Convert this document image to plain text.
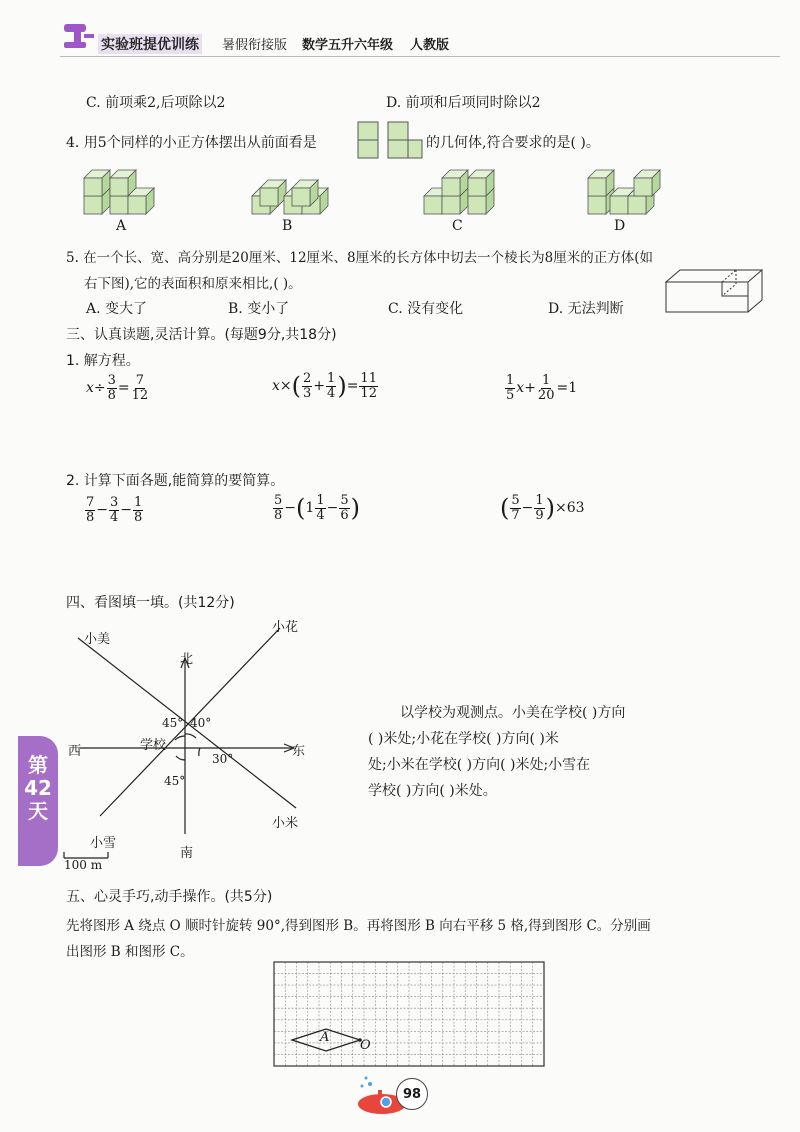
实验班提优训练 暑假衔接版 数学五升六年级 人教版
C. 前项乘2,后项除以2	D. 前项和后项同时除以2
4. 用5个同样的小正方体摆出从前面看是	的几何体,符合要求的是( )。
A	B	C	D
5. 在一个长、宽、高分别是20厘米、12厘米、8厘米的长方体中切去一个棱长为8厘米的正方体(如
右下图),它的表面积和原来相比,( )。
A. 变大了	B. 变小了	C. 没有变化	D. 无法判断
三、认真读题,灵活计算。(每题9分,共18分)
1. 解方程。
$x \div \frac{3}{8} = \frac{7}{12}$	x × ( $\frac{2}{3} + \frac{1}{4}$ ) = $\frac{11}{12}$	$\frac{1}{5}$ $x + \frac{1}{20} =1$
2. 计算下面各题,能简算的要简算。
$\frac{7}{8} - \frac{3}{4} - \frac{1}{8}$	$\frac{5}{8}$ − ( $1 \frac{1}{4} - \frac{5}{6}$ )	( $\frac{5}{7} - \frac{1}{9}$ ) ×63
四、看图填一填。(共12分)
北
南
东
西	学校
小美
小花
小米
小雪
45° 40°
30°
45°
100 m
以学校为观测点。小美在学校( )方向
( )米处;小花在学校( )方向( )米
处;小米在学校( )方向( )米处;小雪在
学校( )方向( )米处。
第
42
天
五、心灵手巧,动手操作。(共5分)
先将图形 A 绕点 O 顺时针旋转 90°,得到图形 B。再将图形 B 向右平移 5 格,得到图形 C。分别画
出图形 B 和图形 C。
A
O
98
